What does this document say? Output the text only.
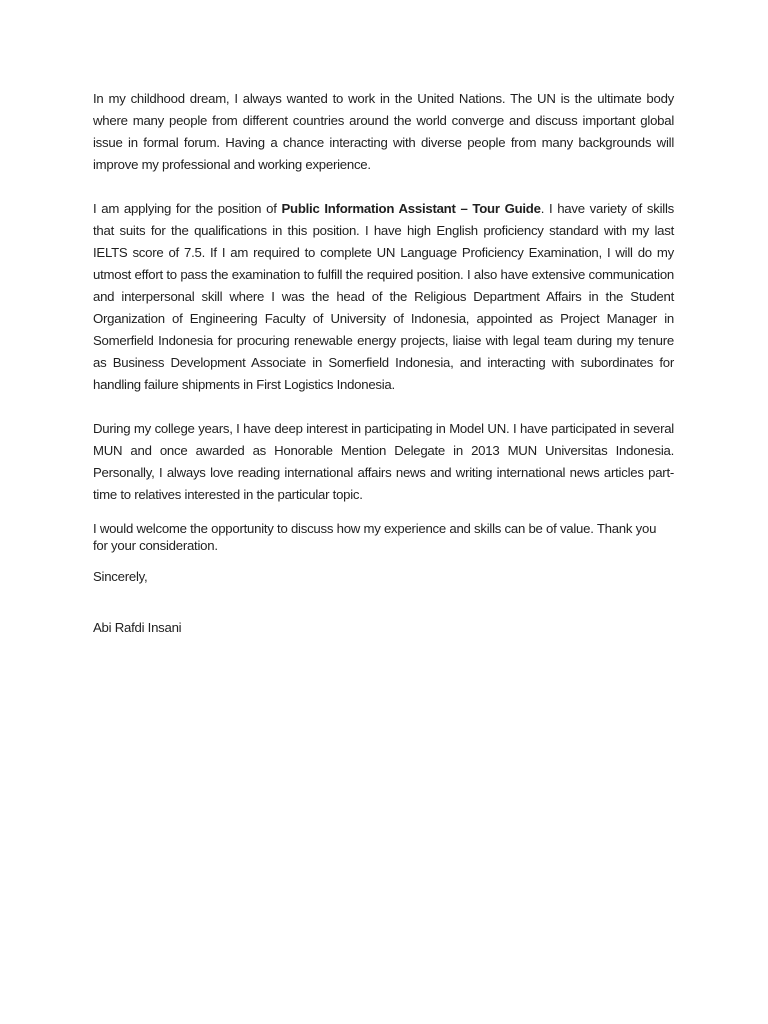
In my childhood dream, I always wanted to work in the United Nations. The UN is the ultimate body where many people from different countries around the world converge and discuss important global issue in formal forum. Having a chance interacting with diverse people from many backgrounds will improve my professional and working experience.

I am applying for the position of Public Information Assistant – Tour Guide. I have variety of skills that suits for the qualifications in this position. I have high English proficiency standard with my last IELTS score of 7.5. If I am required to complete UN Language Proficiency Examination, I will do my utmost effort to pass the examination to fulfill the required position. I also have extensive communication and interpersonal skill where I was the head of the Religious Department Affairs in the Student Organization of Engineering Faculty of University of Indonesia, appointed as Project Manager in Somerfield Indonesia for procuring renewable energy projects, liaise with legal team during my tenure as Business Development Associate in Somerfield Indonesia, and interacting with subordinates for handling failure shipments in First Logistics Indonesia.

During my college years, I have deep interest in participating in Model UN. I have participated in several MUN and once awarded as Honorable Mention Delegate in 2013 MUN Universitas Indonesia. Personally, I always love reading international affairs news and writing international news articles part-time to relatives interested in the particular topic.

I would welcome the opportunity to discuss how my experience and skills can be of value. Thank you for your consideration.

Sincerely,

Abi Rafdi Insani
